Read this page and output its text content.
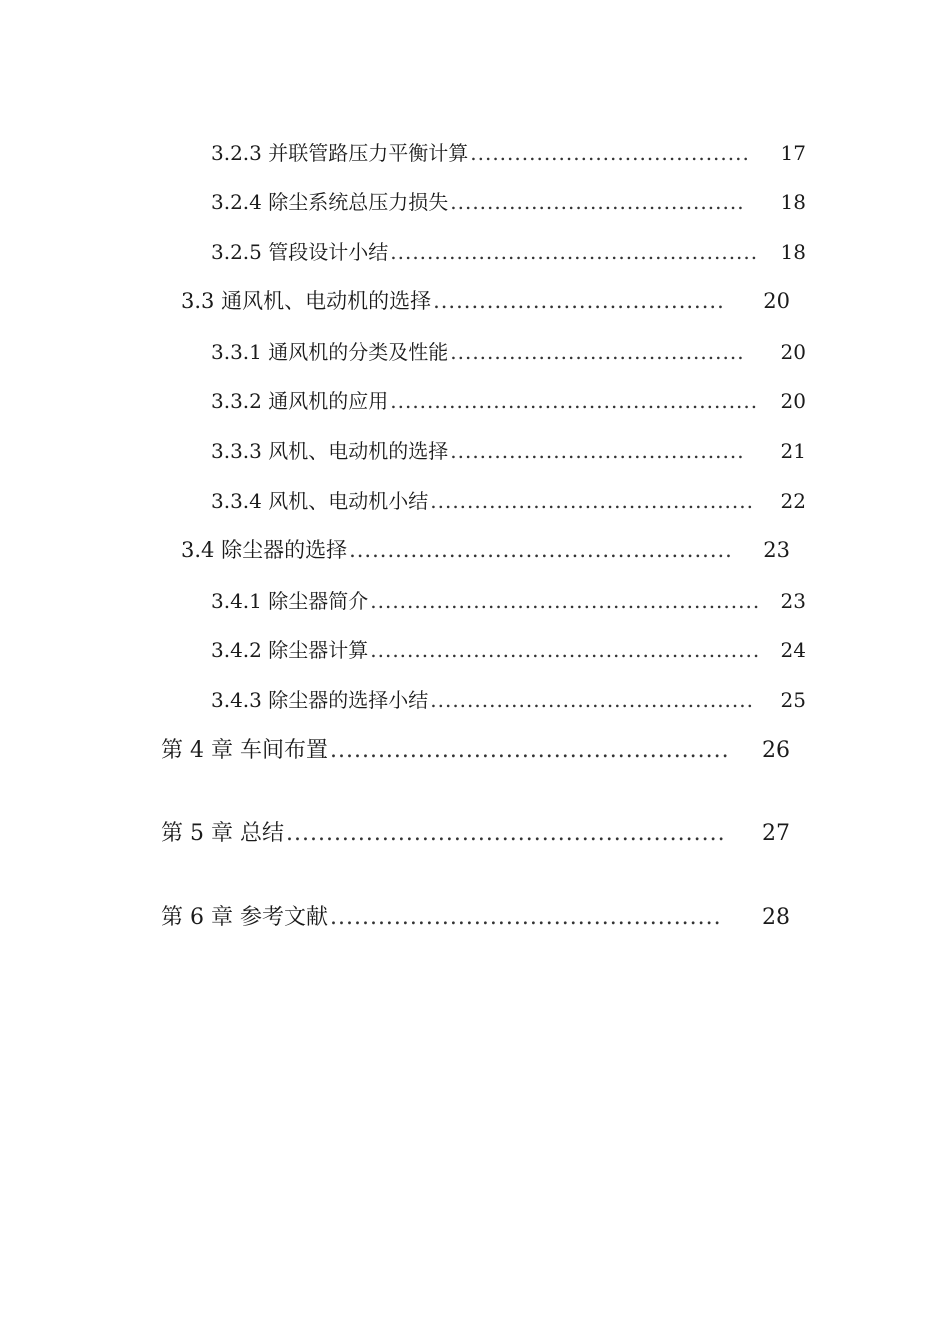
3.2.3 并联管路压力平衡计算 ......................................	17
3.2.4 除尘系统总压力损失 ........................................	18
3.2.5 管段设计小结 ..................................................	18
3.3 通风机、电动机的选择 ......................................	20
3.3.1 通风机的分类及性能 ........................................	20
3.3.2 通风机的应用 ..................................................	20
3.3.3 风机、电动机的选择 ........................................	21
3.3.4 风机、电动机小结 ............................................	22
3.4 除尘器的选择 ..................................................	23
3.4.1 除尘器简介 .....................................................	23
3.4.2 除尘器计算 .....................................................	24
3.4.3 除尘器的选择小结 ............................................	25
第 4 章 车间布置 ..................................................	26
第 5 章 总结 .......................................................	27
第 6 章 参考文献 .................................................	28
